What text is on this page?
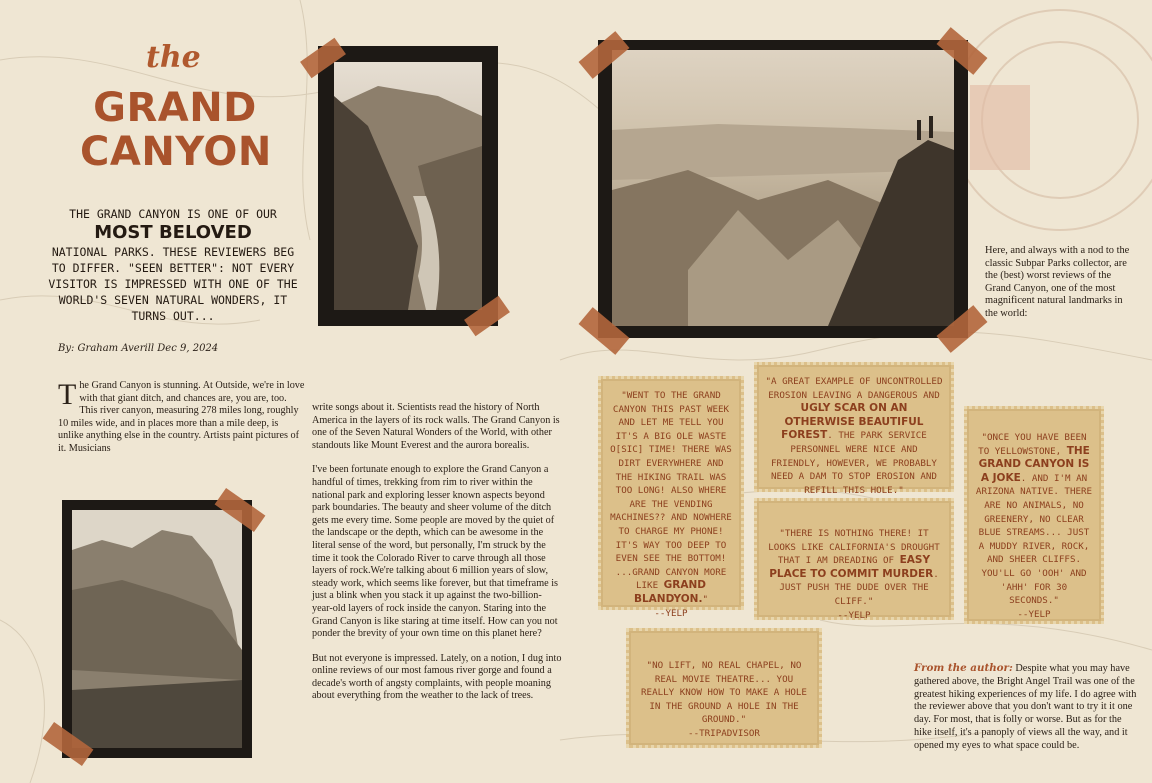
the
GRAND
CANYON
THE GRAND CANYON IS ONE OF OUR
MOST BELOVED
NATIONAL PARKS. THESE REVIEWERS BEG TO DIFFER. "SEEN BETTER": NOT EVERY VISITOR IS IMPRESSED WITH ONE OF THE WORLD'S SEVEN NATURAL WONDERS, IT TURNS OUT...
By: Graham Averill Dec 9, 2024
T he Grand Canyon is stunning. At Outside, we're in love with that giant ditch, and chances are, you are, too. This river canyon, measuring 278 miles long, roughly 10 miles wide, and in places more than a mile deep, is unlike anything else in the country. Artists paint pictures of it. Musicians

write songs about it. Scientists read the history of North America in the layers of its rock walls. The Grand Canyon is one of the Seven Natural Wonders of the World, with other standouts like Mount Everest and the aurora borealis.

I've been fortunate enough to explore the Grand Canyon a handful of times, trekking from rim to river within the national park and exploring lesser known aspects beyond park boundaries. The beauty and sheer volume of the ditch gets me every time. Some people are moved by the quiet of the landscape or the depth, which can be awesome in the literal sense of the word, but personally, I'm struck by the time it took the Colorado River to carve through all those layers of rock.We're talking about 6 million years of slow, steady work, which seems like forever, but that timeframe is just a blink when you stack it up against the two-billion-year-old layers of rock inside the canyon. Staring into the Grand Canyon is like staring at time itself. How can you not ponder the brevity of your own time on this planet here?

But not everyone is impressed. Lately, on a notion, I dug into online reviews of our most famous river gorge and found a decade's worth of angsty complaints, with people moaning about everything from the weather to the lack of trees.

Here, and always with a nod to the classic Subpar Parks collector, are the (best) worst reviews of the Grand Canyon, one of the most magnificent natural landmarks in the world:
"WENT TO THE GRAND CANYON THIS PAST WEEK AND LET ME TELL YOU IT'S A BIG OLE WASTE O[SIC] TIME! THERE WAS DIRT EVERYWHERE AND THE HIKING TRAIL WAS TOO LONG! ALSO WHERE ARE THE VENDING MACHINES?? AND NOWHERE TO CHARGE MY PHONE! IT'S WAY TOO DEEP TO EVEN SEE THE BOTTOM! ...GRAND CANYON MORE LIKE GRAND BLANDYON."
--YELP
"A GREAT EXAMPLE OF UNCONTROLLED EROSION LEAVING A DANGEROUS AND UGLY SCAR ON AN OTHERWISE BEAUTIFUL FOREST. THE PARK SERVICE PERSONNEL WERE NICE AND FRIENDLY, HOWEVER, WE PROBABLY NEED A DAM TO STOP EROSION AND REFILL THIS HOLE."
"THERE IS NOTHING THERE! IT LOOKS LIKE CALIFORNIA'S DROUGHT THAT I AM DREADING OF EASY PLACE TO COMMIT MURDER. JUST PUSH THE DUDE OVER THE CLIFF."
--YELP
"ONCE YOU HAVE BEEN TO YELLOWSTONE, THE GRAND CANYON IS A JOKE. AND I'M AN ARIZONA NATIVE. THERE ARE NO ANIMALS, NO GREENERY, NO CLEAR BLUE STREAMS... JUST A MUDDY RIVER, ROCK, AND SHEER CLIFFS. YOU'LL GO 'OOH' AND 'AHH' FOR 30 SECONDS."
--YELP
"NO LIFT, NO REAL CHAPEL, NO REAL MOVIE THEATRE... YOU REALLY KNOW HOW TO MAKE A HOLE IN THE GROUND A HOLE IN THE GROUND."
--TRIPADVISOR
From the author: Despite what you may have gathered above, the Bright Angel Trail was one of the greatest hiking experiences of my life. I do agree with the reviewer above that you don't want to try it it one day. For most, that is folly or worse. But as for the hike itself, it's a panoply of views all the way, and it opened my eyes to what space could be.
